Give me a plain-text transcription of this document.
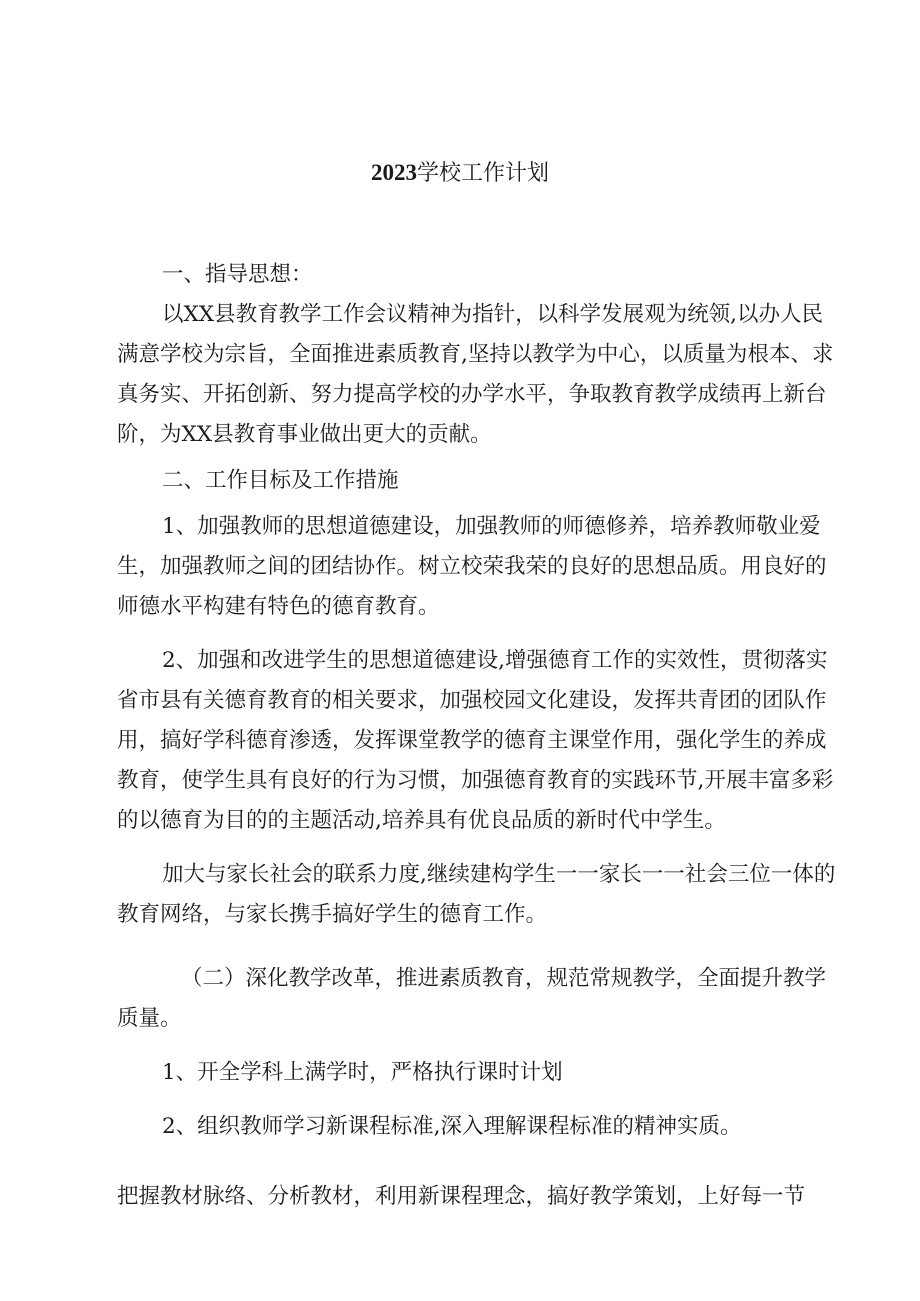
2023学校工作计划

一、指导思想：

以XX县教育教学工作会议精神为指针，以科学发展观为统领,以办人民满意学校为宗旨，全面推进素质教育,坚持以教学为中心，以质量为根本、求真务实、开拓创新、努力提高学校的办学水平，争取教育教学成绩再上新台阶，为XX县教育事业做出更大的贡献。

二、工作目标及工作措施

1、加强教师的思想道德建设，加强教师的师德修养，培养教师敬业爱生，加强教师之间的团结协作。树立校荣我荣的良好的思想品质。用良好的师德水平构建有特色的德育教育。

2、加强和改进学生的思想道德建设,增强德育工作的实效性，贯彻落实省市县有关德育教育的相关要求，加强校园文化建设，发挥共青团的团队作用，搞好学科德育渗透，发挥课堂教学的德育主课堂作用，强化学生的养成教育，使学生具有良好的行为习惯，加强德育教育的实践环节,开展丰富多彩的以德育为目的的主题活动,培养具有优良品质的新时代中学生。

加大与家长社会的联系力度,继续建构学生一一家长一一社会三位一体的教育网络，与家长携手搞好学生的德育工作。

（二）深化教学改革，推进素质教育，规范常规教学，全面提升教学质量。

1、开全学科上满学时，严格执行课时计划

2、组织教师学习新课程标准,深入理解课程标准的精神实质。

把握教材脉络、分析教材，利用新课程理念，搞好教学策划，上好每一节
